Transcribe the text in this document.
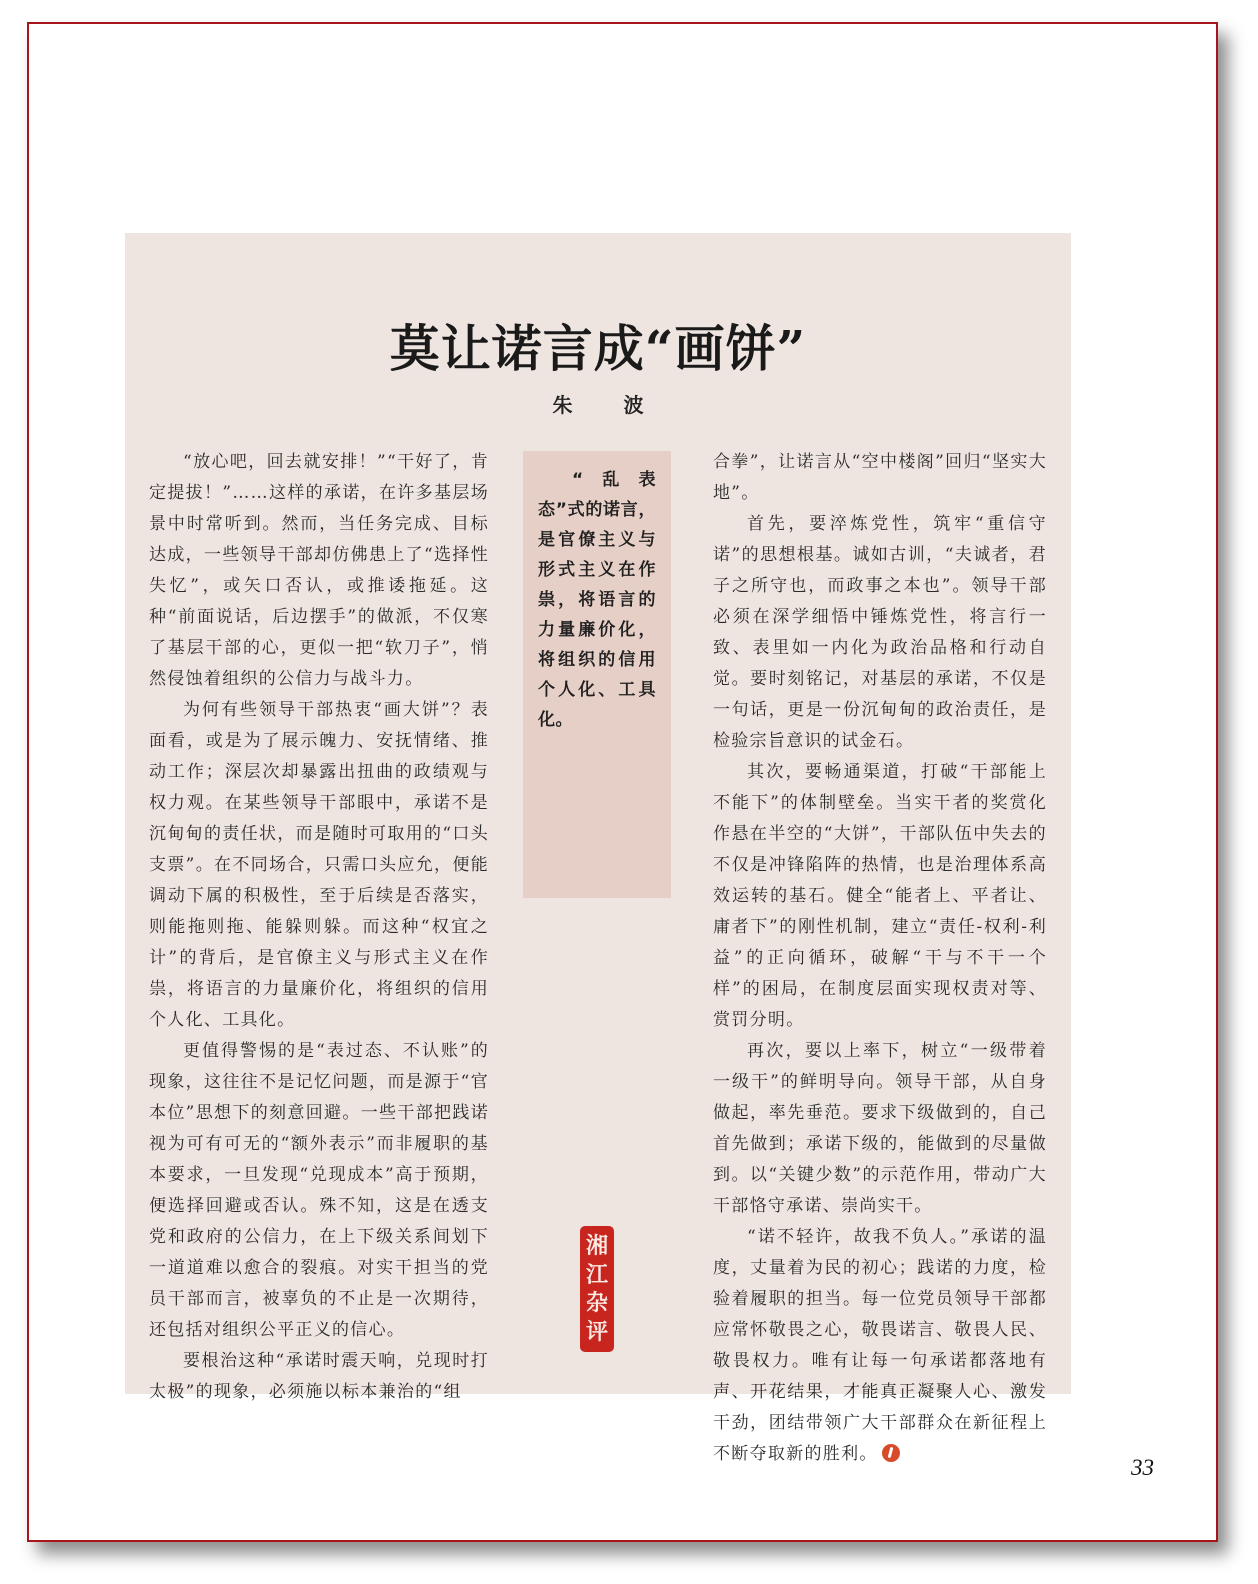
莫让诺言成“画饼”
朱 波

“放心吧，回去就安排！”“干好了，肯定提拔！”……这样的承诺，在许多基层场景中时常听到。然而，当任务完成、目标达成，一些领导干部却仿佛患上了“选择性失忆”，或矢口否认，或推诿拖延。这种“前面说话，后边摆手”的做派，不仅寒了基层干部的心，更似一把“软刀子”，悄然侵蚀着组织的公信力与战斗力。

为何有些领导干部热衷“画大饼”？表面看，或是为了展示魄力、安抚情绪、推动工作；深层次却暴露出扭曲的政绩观与权力观。在某些领导干部眼中，承诺不是沉甸甸的责任状，而是随时可取用的“口头支票”。在不同场合，只需口头应允，便能调动下属的积极性，至于后续是否落实，则能拖则拖、能躲则躲。而这种“权宜之计”的背后，是官僚主义与形式主义在作祟，将语言的力量廉价化，将组织的信用个人化、工具化。

更值得警惕的是“表过态、不认账”的现象，这往往不是记忆问题，而是源于“官本位”思想下的刻意回避。一些干部把践诺视为可有可无的“额外表示”而非履职的基本要求，一旦发现“兑现成本”高于预期，便选择回避或否认。殊不知，这是在透支党和政府的公信力，在上下级关系间划下一道道难以愈合的裂痕。对实干担当的党员干部而言，被辜负的不止是一次期待，还包括对组织公平正义的信心。

要根治这种“承诺时震天响，兑现时打太极”的现象，必须施以标本兼治的“组

“乱表态”式的诺言，是官僚主义与形式主义在作祟，将语言的力量廉价化，将组织的信用个人化、工具化。
湘
江
杂
评

合拳”，让诺言从“空中楼阁”回归“坚实大地”。

首先，要淬炼党性，筑牢“重信守诺”的思想根基。诚如古训，“夫诚者，君子之所守也，而政事之本也”。领导干部必须在深学细悟中锤炼党性，将言行一致、表里如一内化为政治品格和行动自觉。要时刻铭记，对基层的承诺，不仅是一句话，更是一份沉甸甸的政治责任，是检验宗旨意识的试金石。

其次，要畅通渠道，打破“干部能上不能下”的体制壁垒。当实干者的奖赏化作悬在半空的“大饼”，干部队伍中失去的不仅是冲锋陷阵的热情，也是治理体系高效运转的基石。健全“能者上、平者让、庸者下”的刚性机制，建立“责任-权利-利益”的正向循环，破解“干与不干一个样”的困局，在制度层面实现权责对等、赏罚分明。

再次，要以上率下，树立“一级带着一级干”的鲜明导向。领导干部，从自身做起，率先垂范。要求下级做到的，自己首先做到；承诺下级的，能做到的尽量做到。以“关键少数”的示范作用，带动广大干部恪守承诺、崇尚实干。

“诺不轻许，故我不负人。”承诺的温度，丈量着为民的初心；践诺的力度，检验着履职的担当。每一位党员领导干部都应常怀敬畏之心，敬畏诺言、敬畏人民、敬畏权力。唯有让每一句承诺都落地有声、开花结果，才能真正凝聚人心、激发干劲，团结带领广大干部群众在新征程上不断夺取新的胜利。

33
